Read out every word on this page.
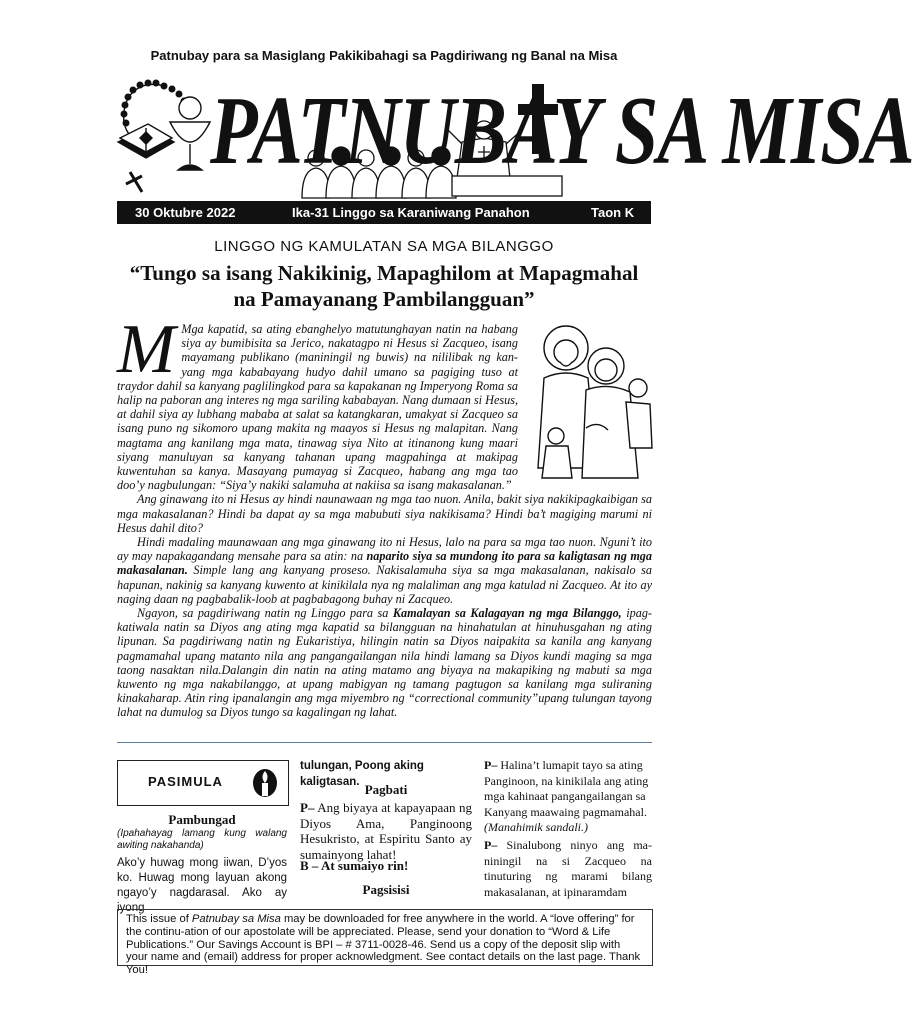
Patnubay para sa Masiglang Pakikibahagi sa Pagdiriwang ng Banal na Misa
PATNUBAY SA MISA
30 Oktubre 2022	Ika-31 Linggo sa Karaniwang Panahon	Taon K
LINGGO NG KAMULATAN SA MGA BILANGGO
“Tungo sa isang Nakikinig, Mapaghilom at Mapagmahal
na Pamayanang Pambilangguan”

M Mga kapatid, sa ating ebanghelyo matutunghayan natin na habang siya ay bumibisita sa Jerico, nakatagpo ni Hesus si Zacqueo, isang mayamang publikano (maniningil ng buwis) na nililibak ng kan-yang mga kababayang hudyo dahil umano sa pagiging tuso at traydor dahil sa kanyang paglilingkod para sa kapakanan ng Imperyong Roma sa halip na paboran ang interes ng mga sariling kababayan. Nang dumaan si Hesus, at dahil siya ay lubhang mababa at salat sa katangkaran, umakyat si Zacqueo sa isang puno ng sikomoro upang makita ng maayos si Hesus ng malapitan. Nang magtama ang kanilang mga mata, tinawag siya Nito at itinanong kung maari siyang manuluyan sa kanyang tahanan upang magpahinga at makipag kuwentuhan sa kanya. Masayang pumayag si Zacqueo, habang ang mga tao doo’y nagbulungan: “Siya’y nakiki salamuha at nakiisa sa isang makasalanan.”

Ang ginawang ito ni Hesus ay hindi naunawaan ng mga tao nuon. Anila, bakit siya nakikipagkaibigan sa mga makasalanan? Hindi ba dapat ay sa mga mabubuti siya nakikisama? Hindi ba’t magiging marumi ni Hesus dahil dito?

Hindi madaling maunawaan ang mga ginawang ito ni Hesus, lalo na para sa mga tao nuon. Nguni’t ito ay may napakagandang mensahe para sa atin: na naparito siya sa mundong ito para sa kaligtasan ng mga makasalanan. Simple lang ang kanyang proseso. Nakisalamuha siya sa mga makasalanan, nakisalo sa hapunan, nakinig sa kanyang kuwento at kinikilala nya ng malaliman ang mga katulad ni Zacqueo. At ito ay naging daan ng pagbabalik-loob at pagbabagong buhay ni Zacqueo.

Ngayon, sa pagdiriwang natin ng Linggo para sa Kamalayan sa Kalagayan ng mga Bilanggo, ipag-katiwala natin sa Diyos ang ating mga kapatid sa bilangguan na hinahatulan at hinuhusgahan ng ating lipunan. Sa pagdiriwang natin ng Eukaristiya, hilingin natin sa Diyos naipakita sa kanila ang kanyang pagmamahal upang matanto nila ang pangangailangan nila hindi lamang sa Diyos kundi maging sa mga taong nasaktan nila.Dalangin din natin na ating matamo ang biyaya na makapiking ng mabuti sa mga kuwento ng mga nakabilanggo, at upang mabigyan ng tamang pagtugon sa kanilang mga suliraning kinakaharap. Atin ring ipanalangin ang mga miyembro ng “correctional community”upang tulungan tayong lahat na dumulog sa Diyos tungo sa kagalingan ng lahat.

PASIMULA
Pambungad
(Ipahahayag lamang kung walang awiting nakahanda)
Ako’y huwag mong iiwan, D’yos ko. Huwag mong layuan akong ngayo’y nagdarasal. Ako ay iyong
tulungan, Poong aking kaligtasan. Pagbati
P– Ang biyaya at kapayapaan ng Diyos Ama, Panginoong Hesukristo, at Espiritu Santo ay sumainyong lahat!
B – At sumaiyo rin!
Pagsisisi
P– Halina’t lumapit tayo sa ating Panginoon, na kinikilala ang ating mga kahinaat pangangailangan sa Kanyang maawaing pagmamahal. (Manahimik sandali.)
P– Sinalubong ninyo ang ma-niningil na si Zacqueo na tinuturing ng marami bilang makasalanan, at ipinaramdam
This issue of Patnubay sa Misa may be downloaded for free anywhere in the world. A “love offering” for the continu-ation of our apostolate will be appreciated. Please, send your donation to “Word & Life Publications.” Our Savings Account is BPI – # 3711-0028-46. Send us a copy of the deposit slip with your name and (email) address for proper acknowledgment. See contact details on the last page. Thank You!
